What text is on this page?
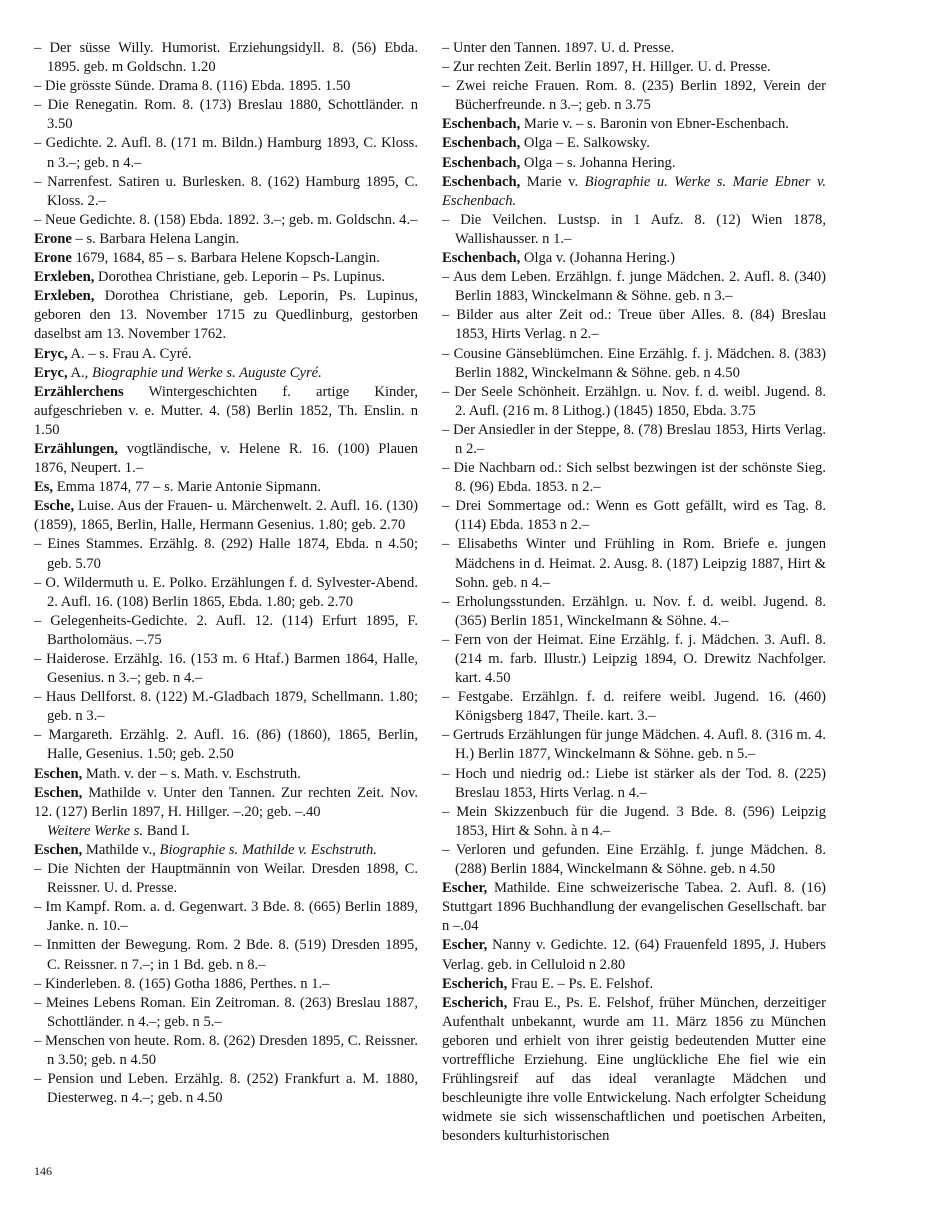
– Der süsse Willy. Humorist. Erziehungsidyll. 8. (56) Ebda. 1895. geb. m Goldschn. 1.20

– Die grösste Sünde. Drama 8. (116) Ebda. 1895. 1.50

– Die Renegatin. Rom. 8. (173) Breslau 1880, Schottländer. n 3.50

– Gedichte. 2. Aufl. 8. (171 m. Bildn.) Hamburg 1893, C. Kloss. n 3.–; geb. n 4.–

– Narrenfest. Satiren u. Burlesken. 8. (162) Hamburg 1895, C. Kloss. 2.–

– Neue Gedichte. 8. (158) Ebda. 1892. 3.–; geb. m. Goldschn. 4.–

Erone – s. Barbara Helena Langin.

Erone 1679, 1684, 85 – s. Barbara Helene Kopsch-Langin.

Erxleben, Dorothea Christiane, geb. Leporin – Ps. Lupinus.

Erxleben, Dorothea Christiane, geb. Leporin, Ps. Lupinus, geboren den 13. November 1715 zu Quedlinburg, gestorben daselbst am 13. November 1762.

Eryc, A. – s. Frau A. Cyré.

Eryc, A., Biographie und Werke s. Auguste Cyré.

Erzählerchens Wintergeschichten f. artige Kinder, aufgeschrieben v. e. Mutter. 4. (58) Berlin 1852, Th. Enslin. n 1.50

Erzählungen, vogtländische, v. Helene R. 16. (100) Plauen 1876, Neupert. 1.–

Es, Emma 1874, 77 – s. Marie Antonie Sipmann.

Esche, Luise. Aus der Frauen- u. Märchenwelt. 2. Aufl. 16. (130) (1859), 1865, Berlin, Halle, Hermann Gesenius. 1.80; geb. 2.70

– Eines Stammes. Erzählg. 8. (292) Halle 1874, Ebda. n 4.50; geb. 5.70

– O. Wildermuth u. E. Polko. Erzählungen f. d. Sylvester-Abend. 2. Aufl. 16. (108) Berlin 1865, Ebda. 1.80; geb. 2.70

– Gelegenheits-Gedichte. 2. Aufl. 12. (114) Erfurt 1895, F. Bartholomäus. –.75

– Haiderose. Erzählg. 16. (153 m. 6 Htaf.) Barmen 1864, Halle, Gesenius. n 3.–; geb. n 4.–

– Haus Dellforst. 8. (122) M.-Gladbach 1879, Schellmann. 1.80; geb. n 3.–

– Margareth. Erzählg. 2. Aufl. 16. (86) (1860), 1865, Berlin, Halle, Gesenius. 1.50; geb. 2.50

Eschen, Math. v. der – s. Math. v. Eschstruth.

Eschen, Mathilde v. Unter den Tannen. Zur rechten Zeit. Nov. 12. (127) Berlin 1897, H. Hillger. –.20; geb. –.40

Weitere Werke s. Band I.

Eschen, Mathilde v., Biographie s. Mathilde v. Eschstruth.

– Die Nichten der Hauptmännin von Weilar. Dresden 1898, C. Reissner. U. d. Presse.

– Im Kampf. Rom. a. d. Gegenwart. 3 Bde. 8. (665) Berlin 1889, Janke. n. 10.–

– Inmitten der Bewegung. Rom. 2 Bde. 8. (519) Dresden 1895, C. Reissner. n 7.–; in 1 Bd. geb. n 8.–

– Kinderleben. 8. (165) Gotha 1886, Perthes. n 1.–

– Meines Lebens Roman. Ein Zeitroman. 8. (263) Breslau 1887, Schottländer. n 4.–; geb. n 5.–

– Menschen von heute. Rom. 8. (262) Dresden 1895, C. Reissner. n 3.50; geb. n 4.50

– Pension und Leben. Erzählg. 8. (252) Frankfurt a. M. 1880, Diesterweg. n 4.–; geb. n 4.50

– Unter den Tannen. 1897. U. d. Presse.

– Zur rechten Zeit. Berlin 1897, H. Hillger. U. d. Presse.

– Zwei reiche Frauen. Rom. 8. (235) Berlin 1892, Verein der Bücherfreunde. n 3.–; geb. n 3.75

Eschenbach, Marie v. – s. Baronin von Ebner-Eschenbach.

Eschenbach, Olga – E. Salkowsky.

Eschenbach, Olga – s. Johanna Hering.

Eschenbach, Marie v. Biographie u. Werke s. Marie Ebner v. Eschenbach.

– Die Veilchen. Lustsp. in 1 Aufz. 8. (12) Wien 1878, Wallishausser. n 1.–

Eschenbach, Olga v. (Johanna Hering.)

– Aus dem Leben. Erzählgn. f. junge Mädchen. 2. Aufl. 8. (340) Berlin 1883, Winckelmann & Söhne. geb. n 3.–

– Bilder aus alter Zeit od.: Treue über Alles. 8. (84) Breslau 1853, Hirts Verlag. n 2.–

– Cousine Gänseblümchen. Eine Erzählg. f. j. Mädchen. 8. (383) Berlin 1882, Winckelmann & Söhne. geb. n 4.50

– Der Seele Schönheit. Erzählgn. u. Nov. f. d. weibl. Jugend. 8. 2. Aufl. (216 m. 8 Lithog.) (1845) 1850, Ebda. 3.75

– Der Ansiedler in der Steppe, 8. (78) Breslau 1853, Hirts Verlag. n 2.–

– Die Nachbarn od.: Sich selbst bezwingen ist der schönste Sieg. 8. (96) Ebda. 1853. n 2.–

– Drei Sommertage od.: Wenn es Gott gefällt, wird es Tag. 8. (114) Ebda. 1853 n 2.–

– Elisabeths Winter und Frühling in Rom. Briefe e. jungen Mädchens in d. Heimat. 2. Ausg. 8. (187) Leipzig 1887, Hirt & Sohn. geb. n 4.–

– Erholungsstunden. Erzählgn. u. Nov. f. d. weibl. Jugend. 8. (365) Berlin 1851, Winckelmann & Söhne. 4.–

– Fern von der Heimat. Eine Erzählg. f. j. Mädchen. 3. Aufl. 8. (214 m. farb. Illustr.) Leipzig 1894, O. Drewitz Nachfolger. kart. 4.50

– Festgabe. Erzählgn. f. d. reifere weibl. Jugend. 16. (460) Königsberg 1847, Theile. kart. 3.–

– Gertruds Erzählungen für junge Mädchen. 4. Aufl. 8. (316 m. 4. H.) Berlin 1877, Winckelmann & Söhne. geb. n 5.–

– Hoch und niedrig od.: Liebe ist stärker als der Tod. 8. (225) Breslau 1853, Hirts Verlag. n 4.–

– Mein Skizzenbuch für die Jugend. 3 Bde. 8. (596) Leipzig 1853, Hirt & Sohn. à n 4.–

– Verloren und gefunden. Eine Erzählg. f. junge Mädchen. 8. (288) Berlin 1884, Winckelmann & Söhne. geb. n 4.50

Escher, Mathilde. Eine schweizerische Tabea. 2. Aufl. 8. (16) Stuttgart 1896 Buchhandlung der evangelischen Gesellschaft. bar n –.04

Escher, Nanny v. Gedichte. 12. (64) Frauenfeld 1895, J. Hubers Verlag. geb. in Celluloid n 2.80

Escherich, Frau E. – Ps. E. Felshof.

Escherich, Frau E., Ps. E. Felshof, früher München, derzeitiger Aufenthalt unbekannt, wurde am 11. März 1856 zu München geboren und erhielt von ihrer geistig bedeutenden Mutter eine vortreffliche Erziehung. Eine unglückliche Ehe fiel wie ein Frühlingsreif auf das ideal veranlagte Mädchen und beschleunigte ihre volle Entwickelung. Nach erfolgter Scheidung widmete sie sich wissenschaftlichen und poetischen Arbeiten, besonders kulturhistorischen

146
